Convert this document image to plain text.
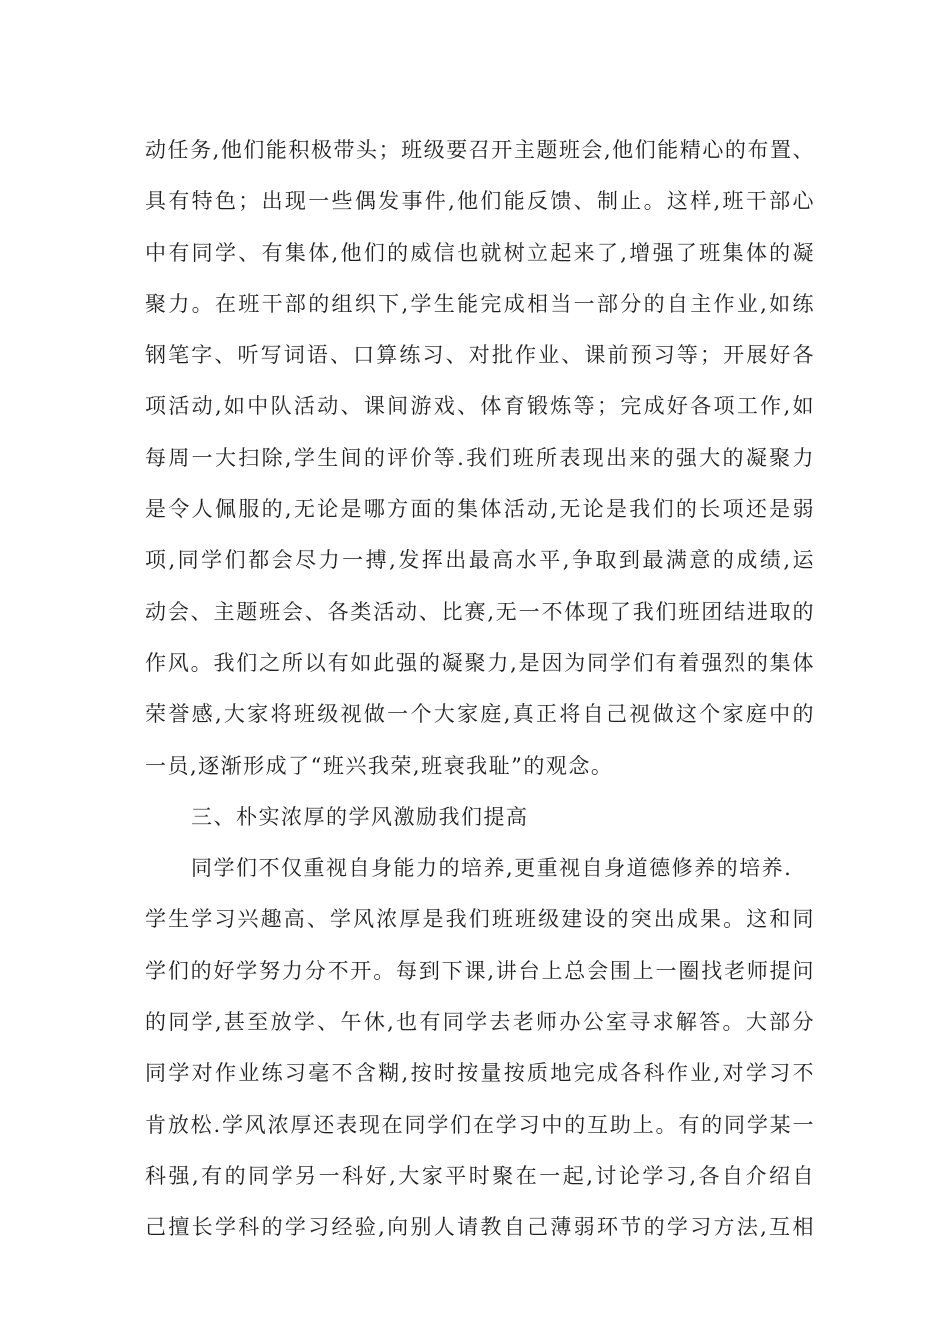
动任务,他们能积极带头；班级要召开主题班会,他们能精心的布置、
具有特色；出现一些偶发事件,他们能反馈、制止。这样,班干部心
中有同学、有集体,他们的威信也就树立起来了,增强了班集体的凝
聚力。在班干部的组织下,学生能完成相当一部分的自主作业,如练
钢笔字、听写词语、口算练习、对批作业、课前预习等；开展好各
项活动,如中队活动、课间游戏、体育锻炼等；完成好各项工作,如
每周一大扫除,学生间的评价等.我们班所表现出来的强大的凝聚力
是令人佩服的,无论是哪方面的集体活动,无论是我们的长项还是弱
项,同学们都会尽力一搏,发挥出最高水平,争取到最满意的成绩,运
动会、主题班会、各类活动、比赛,无一不体现了我们班团结进取的
作风。我们之所以有如此强的凝聚力,是因为同学们有着强烈的集体
荣誉感,大家将班级视做一个大家庭,真正将自己视做这个家庭中的
一员,逐渐形成了“班兴我荣,班衰我耻”的观念。
三、朴实浓厚的学风激励我们提高
同学们不仅重视自身能力的培养,更重视自身道德修养的培养.
学生学习兴趣高、学风浓厚是我们班班级建设的突出成果。这和同
学们的好学努力分不开。每到下课,讲台上总会围上一圈找老师提问
的同学,甚至放学、午休,也有同学去老师办公室寻求解答。大部分
同学对作业练习毫不含糊,按时按量按质地完成各科作业,对学习不
肯放松.学风浓厚还表现在同学们在学习中的互助上。有的同学某一
科强,有的同学另一科好,大家平时聚在一起,讨论学习,各自介绍自
己擅长学科的学习经验,向别人请教自己薄弱环节的学习方法,互相
